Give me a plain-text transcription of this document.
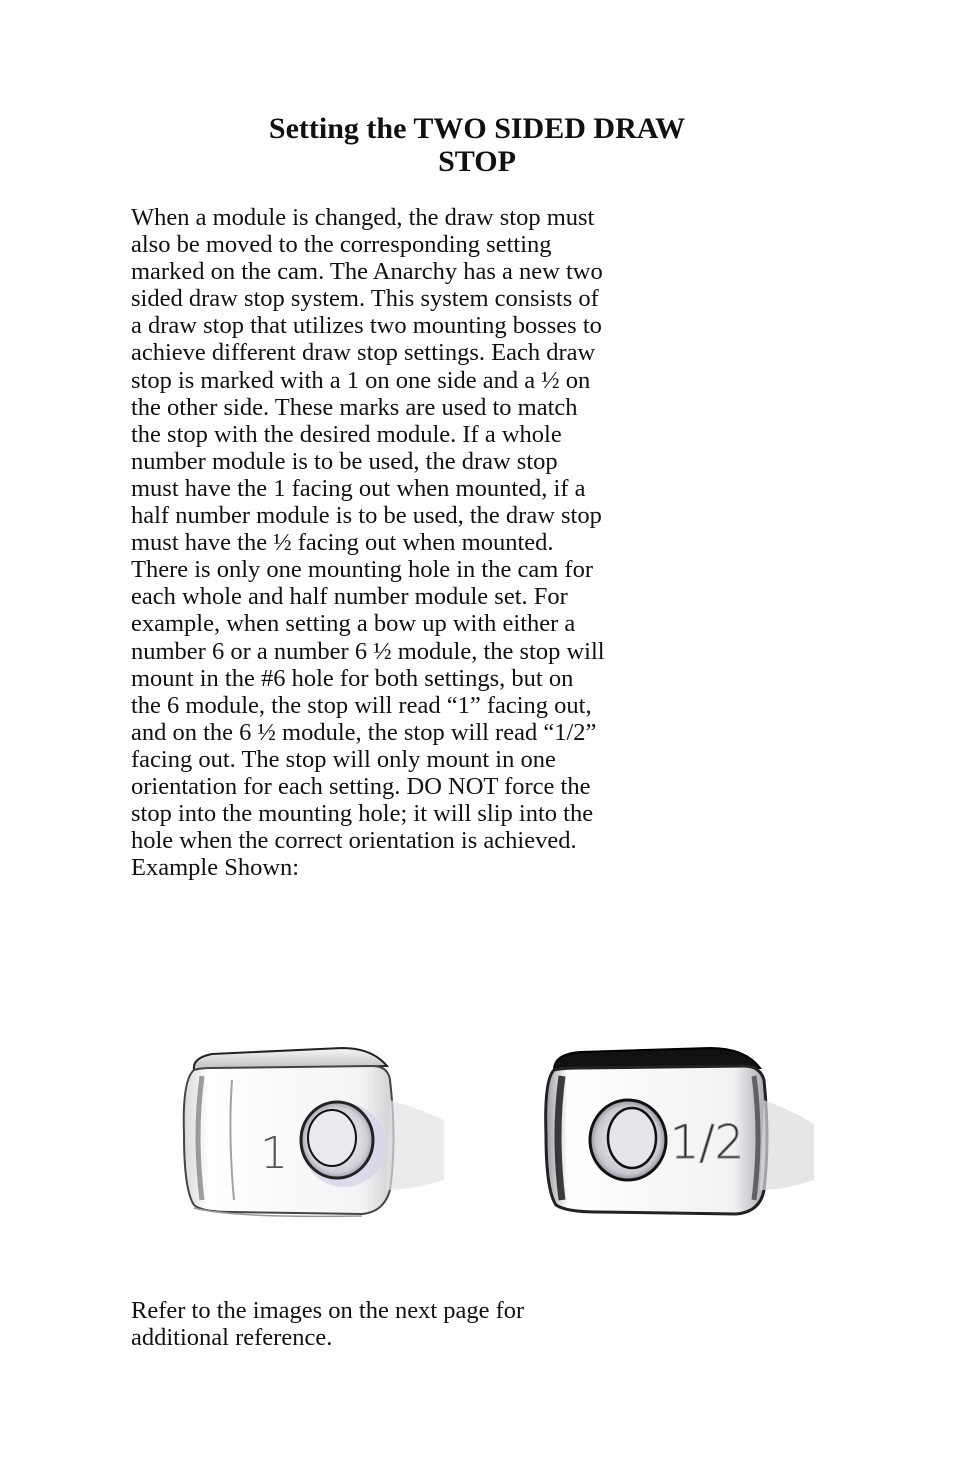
Setting the TWO SIDED DRAW
STOP

When a module is changed, the draw stop must
also be moved to the corresponding setting
marked on the cam. The Anarchy has a new two
sided draw stop system. This system consists of
a draw stop that utilizes two mounting bosses to
achieve different draw stop settings. Each draw
stop is marked with a 1 on one side and a ½ on
the other side. These marks are used to match
the stop with the desired module. If a whole
number module is to be used, the draw stop
must have the 1 facing out when mounted, if a
half number module is to be used, the draw stop
must have the ½ facing out when mounted.
There is only one mounting hole in the cam for
each whole and half number module set. For
example, when setting a bow up with either a
number 6 or a number 6 ½ module, the stop will
mount in the #6 hole for both settings, but on
the 6 module, the stop will read “1” facing out,
and on the 6 ½ module, the stop will read “1/2”
facing out. The stop will only mount in one
orientation for each setting. DO NOT force the
stop into the mounting hole; it will slip into the
hole when the correct orientation is achieved.
Example Shown:

1	1/2

Refer to the images on the next page for
additional reference.
